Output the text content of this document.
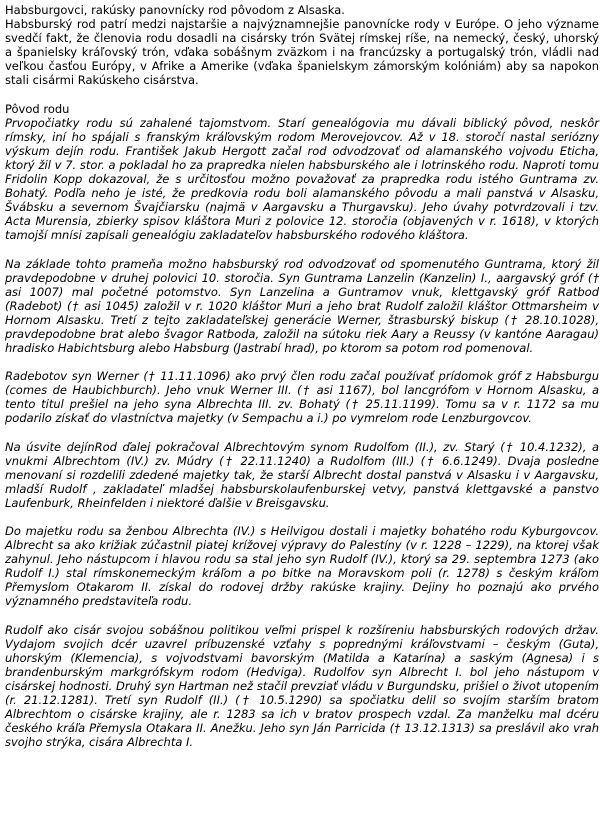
Habsburgovci, rakúsky panovnícky rod pôvodom z Alsaska.
Habsburský rod patrí medzi najstaršie a najvýznamnejšie panovnícke rody v Európe. O jeho význame svedčí fakt, že členovia rodu dosadli na cisársky trón Svätej rímskej ríše, na nemecký, český, uhorský a španielsky kráľovský trón, vďaka sobášnym zväzkom i na francúzsky a portugalský trón, vládli nad veľkou časťou Európy, v Afrike a Amerike (vďaka španielskym zámorským kolóniám) aby sa napokon stali cisármi Rakúskeho cisárstva.
Pôvod rodu
Prvopočiatky rodu sú zahalené tajomstvom. Starí genealógovia mu dávali biblický pôvod, neskôr rímsky, iní ho spájali s franským kráľovským rodom Merovejovcov. Až v 18. storočí nastal seriózny výskum dejín rodu. František Jakub Hergott začal rod odvodzovať od alamanského vojvodu Eticha, ktorý žil v 7. stor. a pokladal ho za prapredka nielen habsburského ale i lotrinského rodu. Naproti tomu Fridolin Kopp dokazoval, že s určitosťou možno považovať za prapredka rodu istého Guntrama zv. Bohatý. Podľa neho je isté, že predkovia rodu boli alamanského pôvodu a mali panstvá v Alsasku, Švábsku a severnom Švajčiarsku (najmä v Aargavsku a Thurgavsku). Jeho úvahy potvrdzovali i tzv. Acta Murensia, zbierky spisov kláštora Muri z polovice 12. storočia (objavených v r. 1618), v ktorých tamojší mnísi zapísali genealógiu zakladateľov habsburského rodového kláštora.
Na základe tohto prameňa možno habsburský rod odvodzovať od spomenutého Guntrama, ktorý žil pravdepodobne v druhej polovici 10. storočia. Syn Guntrama Lanzelin (Kanzelin) I., aargavský gróf († asi 1007) mal početné potomstvo. Syn Lanzelina a Guntramov vnuk, klettgavský gróf Ratbod (Radebot) († asi 1045) založil v r. 1020 kláštor Muri a jeho brat Rudolf založil kláštor Ottmarsheim v Hornom Alsasku. Tretí z tejto zakladateľskej generácie Werner, štrasburský biskup († 28.10.1028), pravdepodobne brat alebo švagor Ratboda, založil na sútoku riek Aary a Reussy (v kantóne Aaragau) hradisko Habichtsburg alebo Habsburg (Jastrabí hrad), po ktorom sa potom rod pomenoval.
Radebotov syn Werner († 11.11.1096) ako prvý člen rodu začal používať prídomok gróf z Habsburgu (comes de Haubichburch). Jeho vnuk Werner III. († asi 1167), bol lancgrófom v Hornom Alsasku, a tento titul prešiel na jeho syna Albrechta III. zv. Bohatý († 25.11.1199). Tomu sa v r. 1172 sa mu podarilo získať do vlastníctva majetky (v Sempachu a i.) po vymrelom rode Lenzburgovcov.
Na úsvite dejínRod ďalej pokračoval Albrechtovým synom Rudolfom (II.), zv. Starý († 10.4.1232), a vnukmi Albrechtom (IV.) zv. Múdry († 22.11.1240) a Rudolfom (III.) († 6.6.1249). Dvaja poslednе menovaní si rozdelili zdedené majetky tak, že starší Albrecht dostal panstvá v Alsasku i v Aargavsku, mladší Rudolf , zakladateľ mladšej habsburskolaufenburskej vetvy, panstvá klettgavské a panstvo Laufenburk, Rheinfelden i niektoré ďalšie v Breisgavsku.
Do majetku rodu sa ženbou Albrechta (IV.) s Heilvigou dostali i majetky bohatého rodu Kyburgovcov. Albrecht sa ako križiak zúčastnil piatej krížovej výpravy do Palestíny (v r. 1228 – 1229), na ktorej však zahynul. Jeho nástupcom i hlavou rodu sa stal jeho syn Rudolf (IV.), ktorý sa 29. septembra 1273 (ako Rudolf I.) stal rímskonemeckým kráľom a po bitke na Moravskom poli (r. 1278) s českým kráľom Přemyslom Otakarom II. získal do rodovej držby rakúske krajiny. Dejiny ho poznajú ako prvého významného predstaviteľa rodu.
Rudolf ako cisár svojou sobášnou politikou veľmi prispel k rozšíreniu habsburských rodových držav. Vydajom svojich dcér uzavrel príbuzenské vzťahy s poprednými kráľovstvami – českým (Guta), uhorským (Klemencia), s vojvodstvami bavorským (Matilda a Katarína) a saským (Agnesa) i s brandenburským markgrófskym rodom (Hedviga). Rudolfov syn Albrecht I. bol jeho nástupom v cisárskej hodnosti. Druhý syn Hartman než stačil prevziať vládu v Burgundsku, prišiel o život utopením (r. 21.12.1281). Tretí syn Rudolf (II.) († 10.5.1290) sa spočiatku delil so svojím starším bratom Albrechtom o cisárske krajiny, ale r. 1283 sa ich v bratov prospech vzdal. Za manželku mal dcéru českého kráľa Přemysla Otakara II. Anežku. Jeho syn Ján Parricida († 13.12.1313) sa preslávil ako vrah svojho strýka, cisára Albrechta I.
